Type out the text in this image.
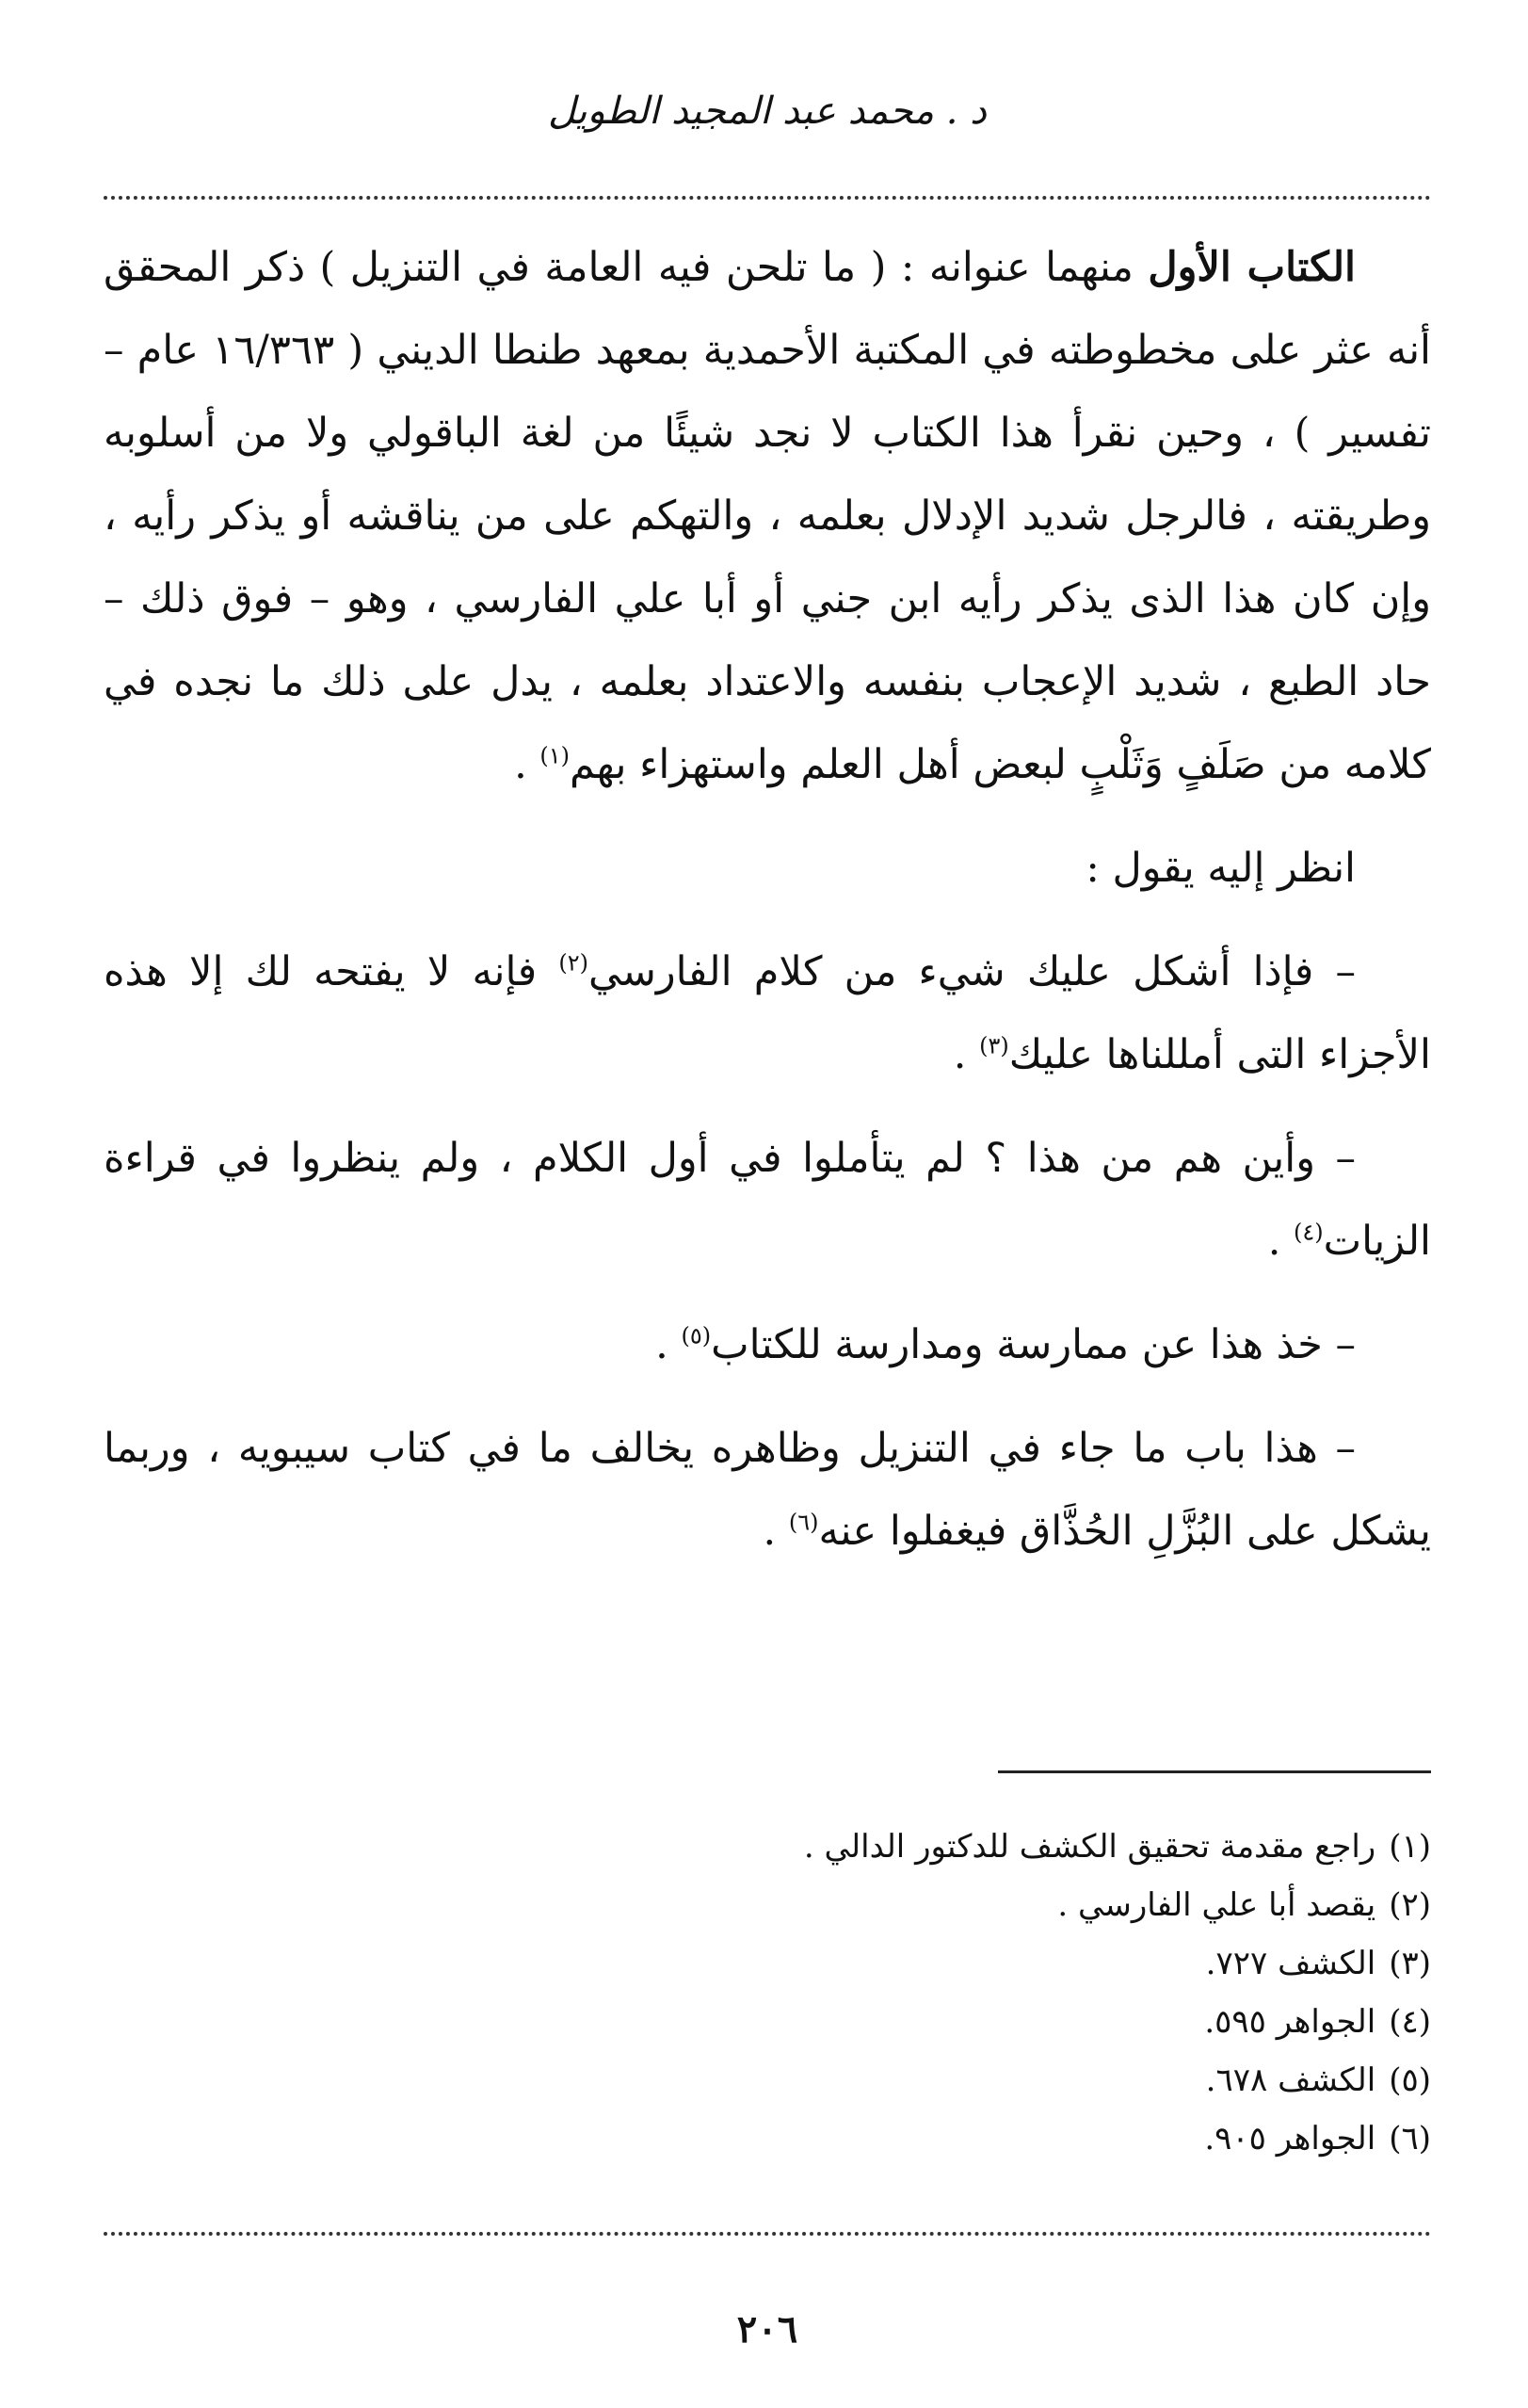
د . محمد عبد المجيد الطويل

الكتاب الأول منهما عنوانه : ( ما تلحن فيه العامة في التنزيل ) ذكر المحقق أنه عثر على مخطوطته في المكتبة الأحمدية بمعهد طنطا الديني ( ١٦/٣٦٣ عام – تفسير ) ، وحين نقرأ هذا الكتاب لا نجد شيئًا من لغة الباقولي ولا من أسلوبه وطريقته ، فالرجل شديد الإدلال بعلمه ، والتهكم على من يناقشه أو يذكر رأيه ، وإن كان هذا الذى يذكر رأيه ابن جني أو أبا علي الفارسي ، وهو – فوق ذلك – حاد الطبع ، شديد الإعجاب بنفسه والاعتداد بعلمه ، يدل على ذلك ما نجده في كلامه من صَلَفٍ وَثَلْبٍ لبعض أهل العلم واستهزاء بهم$^{(١)}$ .

انظر إليه يقول :

– فإذا أشكل عليك شيء من كلام الفارسي$^{(٢)}$ فإنه لا يفتحه لك إلا هذه الأجزاء التى أمللناها عليك$^{(٣)}$ .

– وأين هم من هذا ؟ لم يتأملوا في أول الكلام ، ولم ينظروا في قراءة الزيات$^{(٤)}$ .

– خذ هذا عن ممارسة ومدارسة للكتاب$^{(٥)}$ .

– هذا باب ما جاء في التنزيل وظاهره يخالف ما في كتاب سيبويه ، وربما يشكل على البُزَّلِ الحُذَّاق فيغفلوا عنه$^{(٦)}$ .

(١)
راجع مقدمة تحقيق الكشف للدكتور الدالي .

(٢)
يقصد أبا علي الفارسي .

(٣)
الكشف ٧٢٧.

(٤)
الجواهر ٥٩٥.

(٥)
الكشف ٦٧٨.

(٦)
الجواهر ٩٠٥.

٢٠٦
